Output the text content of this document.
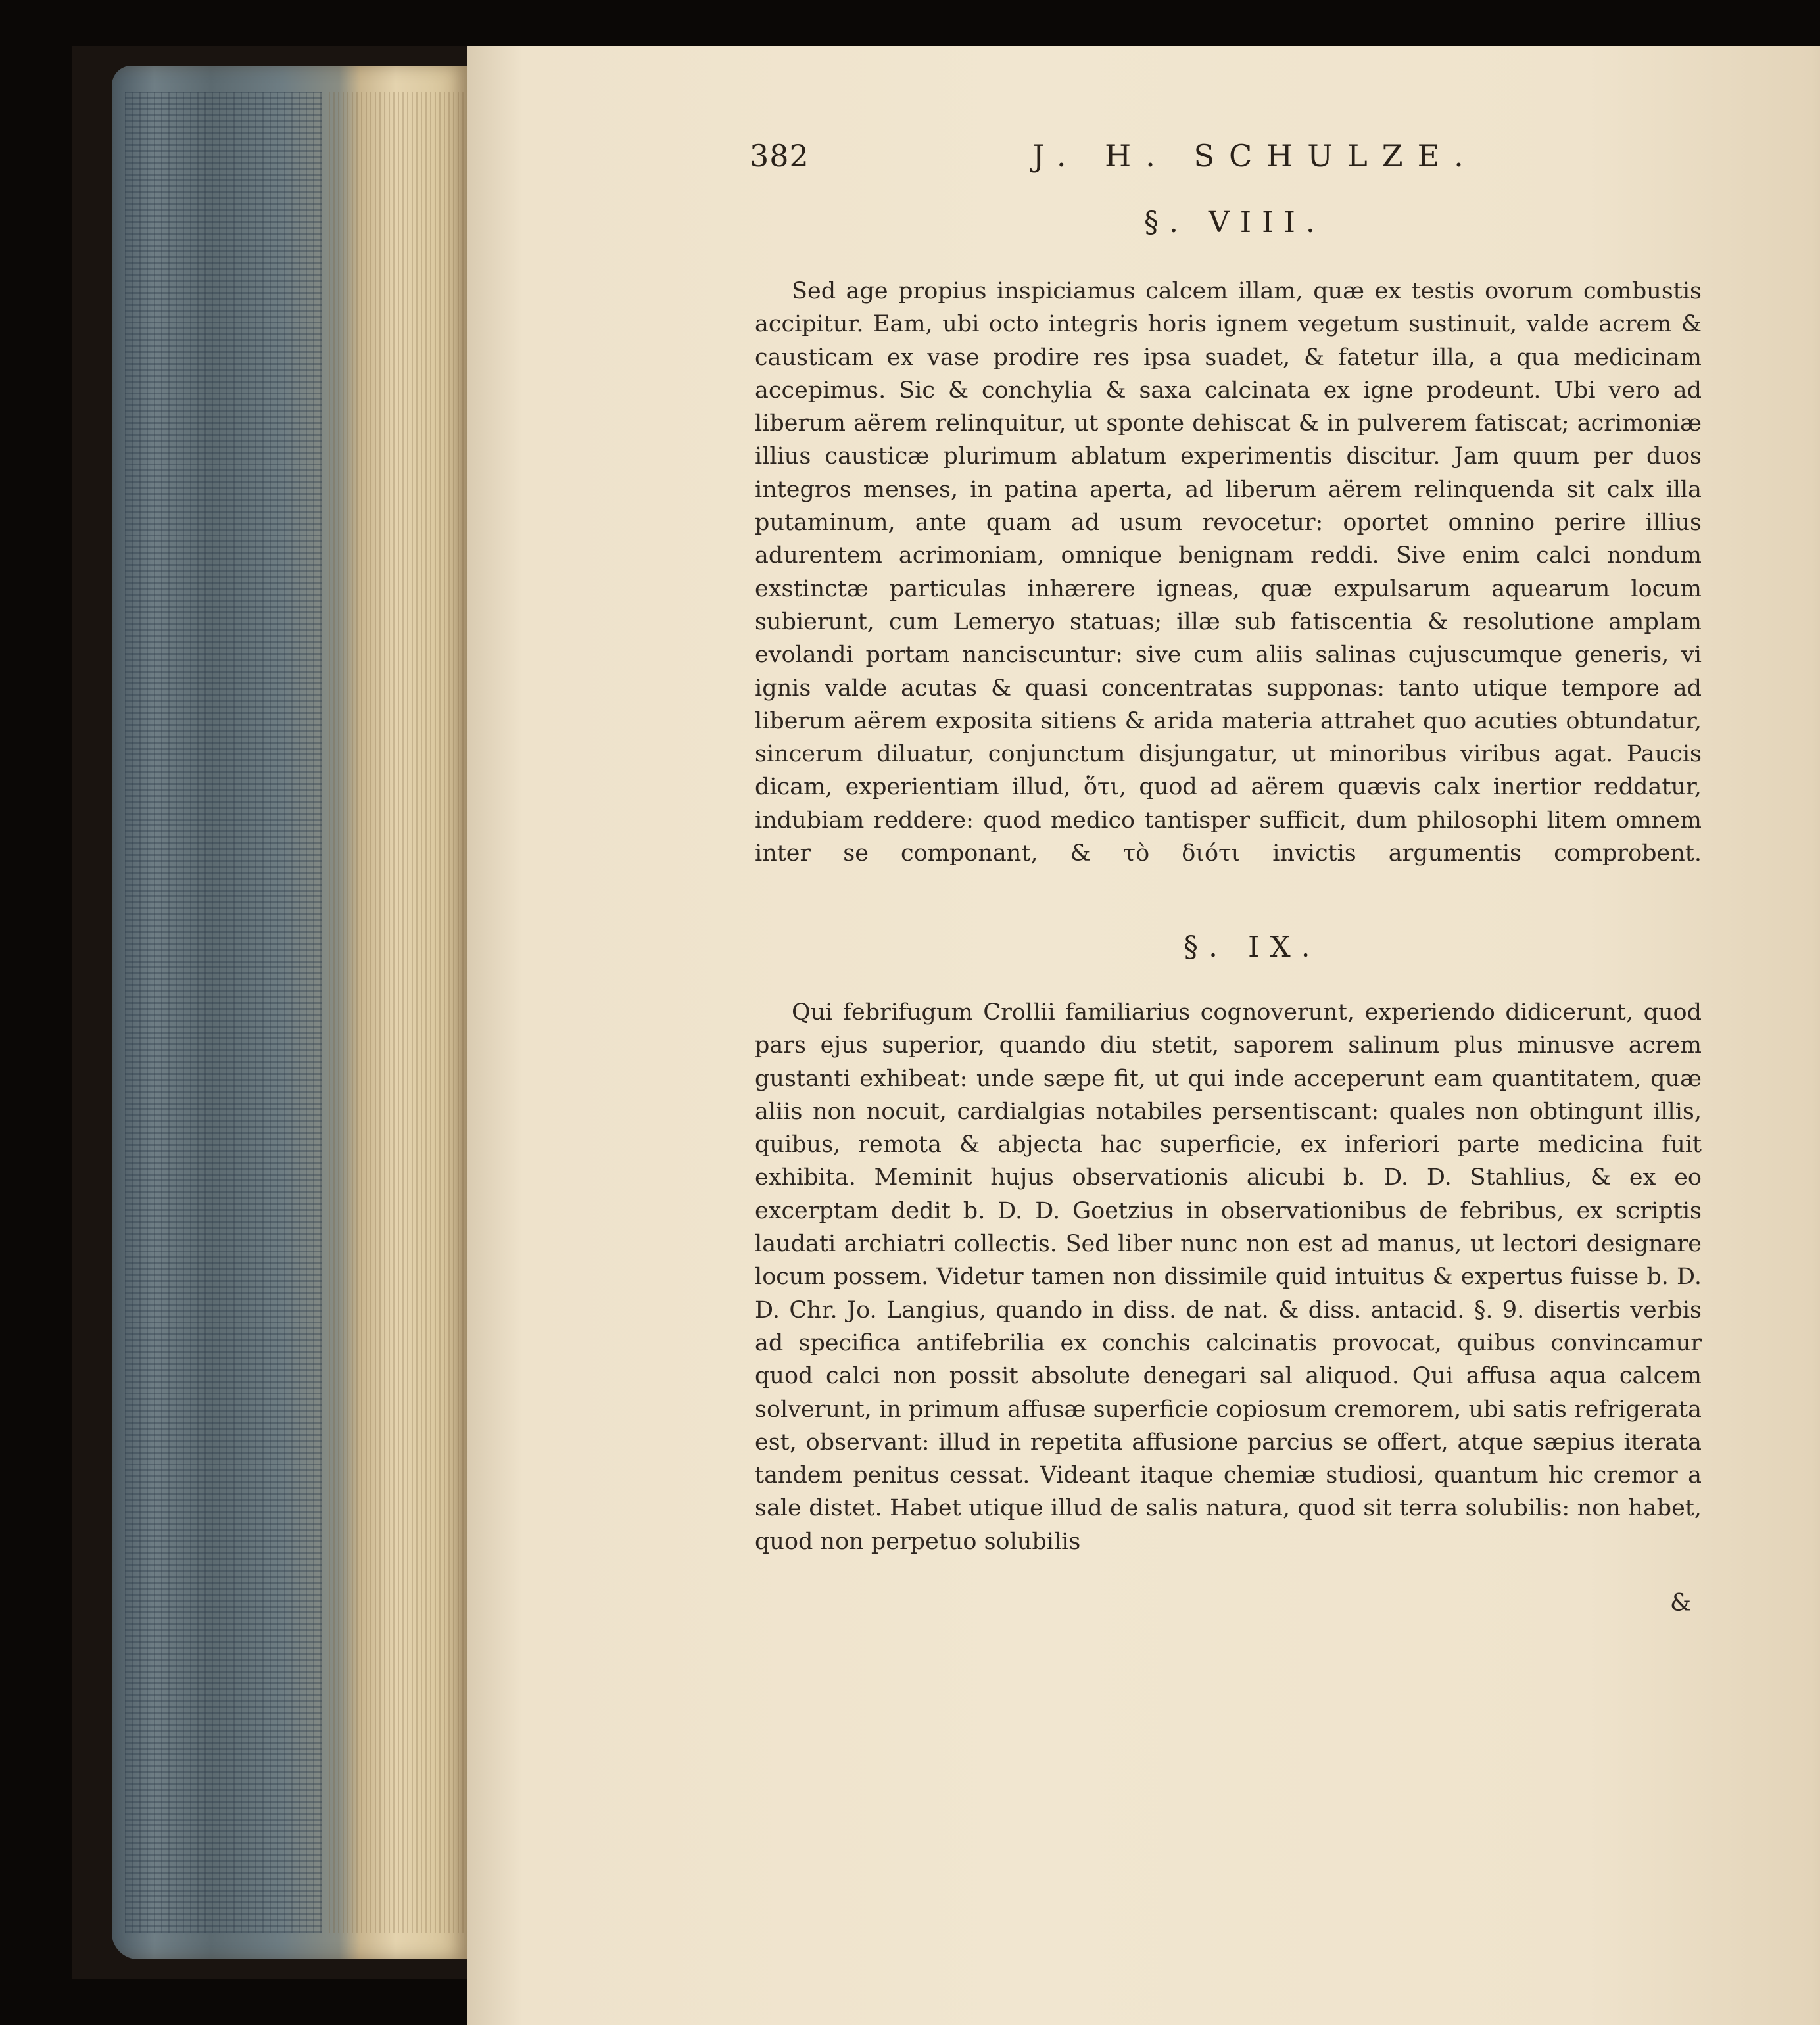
382	J. H. SCHULZE.
§. VIII.
Sed age propius inspiciamus calcem illam, quæ ex testis ovorum combustis accipitur. Eam, ubi octo integris horis ignem vegetum sustinuit, valde acrem & causticam ex vase prodire res ipsa suadet, & fatetur illa, a qua medicinam accepimus. Sic & conchylia & saxa calcinata ex igne prodeunt. Ubi vero ad liberum aërem relinquitur, ut sponte dehiscat & in pulverem fatiscat; acrimoniæ illius causticæ plurimum ablatum experimentis discitur. Jam quum per duos integros menses, in patina aperta, ad liberum aërem relinquenda sit calx illa putaminum, ante quam ad usum revocetur: oportet omnino perire illius adurentem acrimoniam, omnique benignam reddi. Sive enim calci nondum exstinctæ particulas inhærere igneas, quæ expulsarum aquearum locum subierunt, cum Lemeryo statuas; illæ sub fatiscentia & resolutione amplam evolandi portam nanciscuntur: sive cum aliis salinas cujuscumque generis, vi ignis valde acutas & quasi concentratas supponas: tanto utique tempore ad liberum aërem exposita sitiens & arida materia attrahet quo acuties obtundatur, sincerum diluatur, conjunctum disjungatur, ut minoribus viribus agat. Paucis dicam, experientiam illud, ὅτι, quod ad aërem quævis calx inertior reddatur, indubiam reddere: quod medico tantisper sufficit, dum philosophi litem omnem inter se componant, & τὸ διότι invictis argumentis comprobent.
§. IX.
Qui febrifugum Crollii familiarius cognoverunt, experiendo didicerunt, quod pars ejus superior, quando diu stetit, saporem salinum plus minusve acrem gustanti exhibeat: unde sæpe fit, ut qui inde acceperunt eam quantitatem, quæ aliis non nocuit, cardialgias notabiles persentiscant: quales non obtingunt illis, quibus, remota & abjecta hac superficie, ex inferiori parte medicina fuit exhibita. Meminit hujus observationis alicubi b. D. D. Stahlius, & ex eo excerptam dedit b. D. D. Goetzius in observationibus de febribus, ex scriptis laudati archiatri collectis. Sed liber nunc non est ad manus, ut lectori designare locum possem. Videtur tamen non dissimile quid intuitus & expertus fuisse b. D. D. Chr. Jo. Langius, quando in diss. de nat. & diss. antacid. §. 9. disertis verbis ad specifica antifebrilia ex conchis calcinatis provocat, quibus convincamur quod calci non possit absolute denegari sal aliquod. Qui affusa aqua calcem solverunt, in primum affusæ superficie copiosum cremorem, ubi satis refrigerata est, observant: illud in repetita affusione parcius se offert, atque sæpius iterata tandem penitus cessat. Videant itaque chemiæ studiosi, quantum hic cremor a sale distet. Habet utique illud de salis natura, quod sit terra solubilis: non habet, quod non perpetuo solubilis
&
